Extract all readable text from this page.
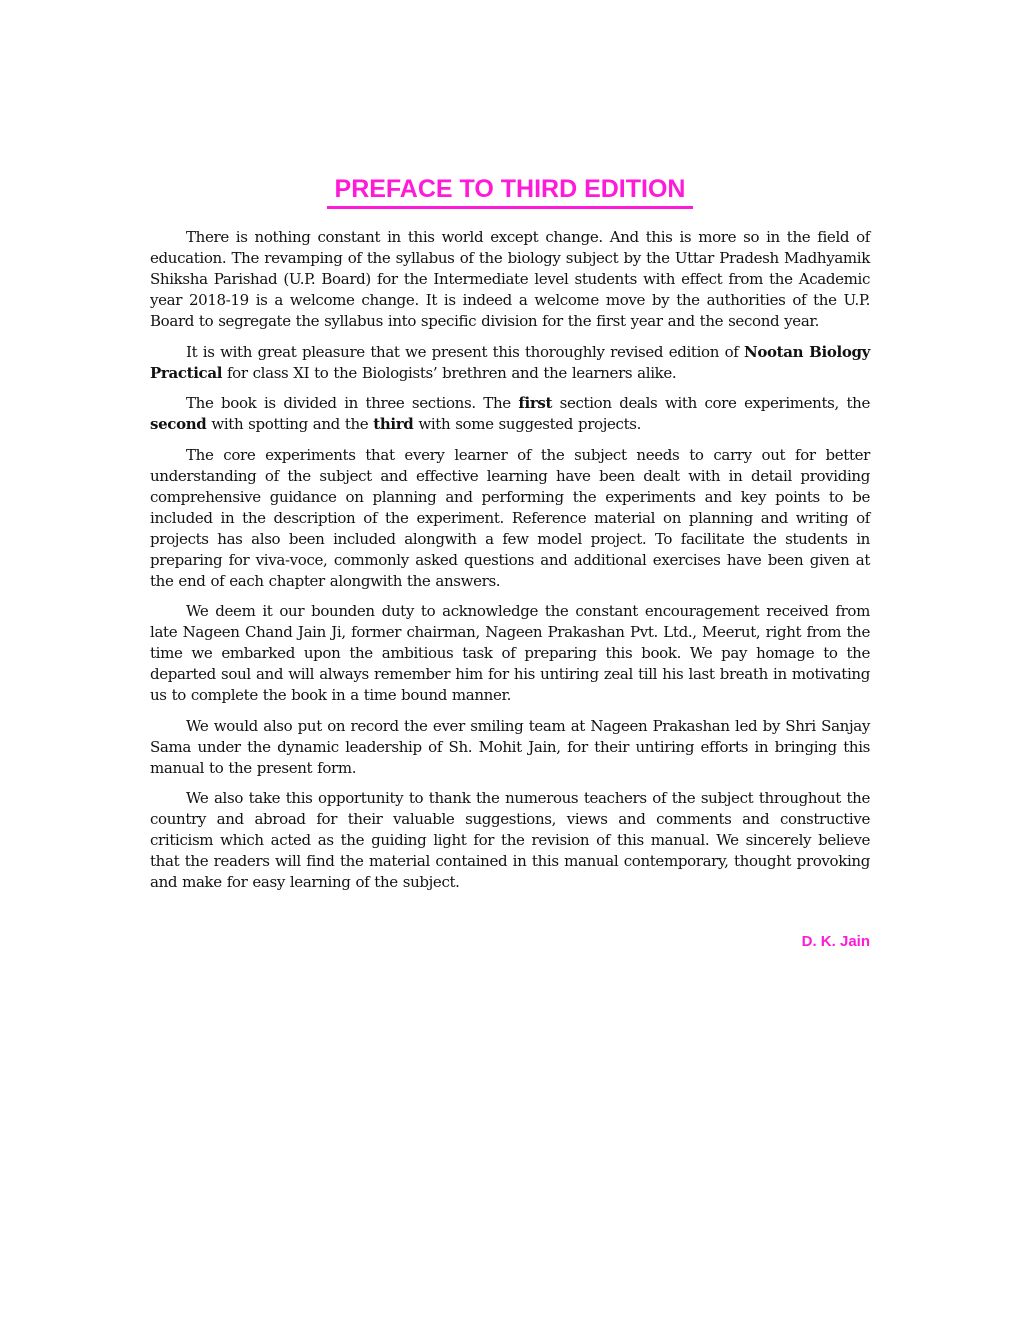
PREFACE TO THIRD EDITION

There is nothing constant in this world except change. And this is more so in the field of education. The revamping of the syllabus of the biology subject by the Uttar Pradesh Madhyamik Shiksha Parishad (U.P. Board) for the Intermediate level students with effect from the Academic year 2018-19 is a welcome change. It is indeed a welcome move by the authorities of the U.P. Board to segregate the syllabus into specific division for the first year and the second year.

It is with great pleasure that we present this thoroughly revised edition of Nootan Biology Practical for class XI to the Biologists’ brethren and the learners alike.

The book is divided in three sections. The first section deals with core experiments, the second with spotting and the third with some suggested projects.

The core experiments that every learner of the subject needs to carry out for better understanding of the subject and effective learning have been dealt with in detail providing comprehensive guidance on planning and performing the experiments and key points to be included in the description of the experiment. Reference material on planning and writing of projects has also been included alongwith a few model project. To facilitate the students in preparing for viva-voce, commonly asked questions and additional exercises have been given at the end of each chapter alongwith the answers.

We deem it our bounden duty to acknowledge the constant encouragement received from late Nageen Chand Jain Ji, former chairman, Nageen Prakashan Pvt. Ltd., Meerut, right from the time we embarked upon the ambitious task of preparing this book. We pay homage to the departed soul and will always remember him for his untiring zeal till his last breath in motivating us to complete the book in a time bound manner.

We would also put on record the ever smiling team at Nageen Prakashan led by Shri Sanjay Sama under the dynamic leadership of Sh. Mohit Jain, for their untiring efforts in bringing this manual to the present form.

We also take this opportunity to thank the numerous teachers of the subject throughout the country and abroad for their valuable suggestions, views and comments and constructive criticism which acted as the guiding light for the revision of this manual. We sincerely believe that the readers will find the material contained in this manual contemporary, thought provoking and make for easy learning of the subject.

D. K. Jain
